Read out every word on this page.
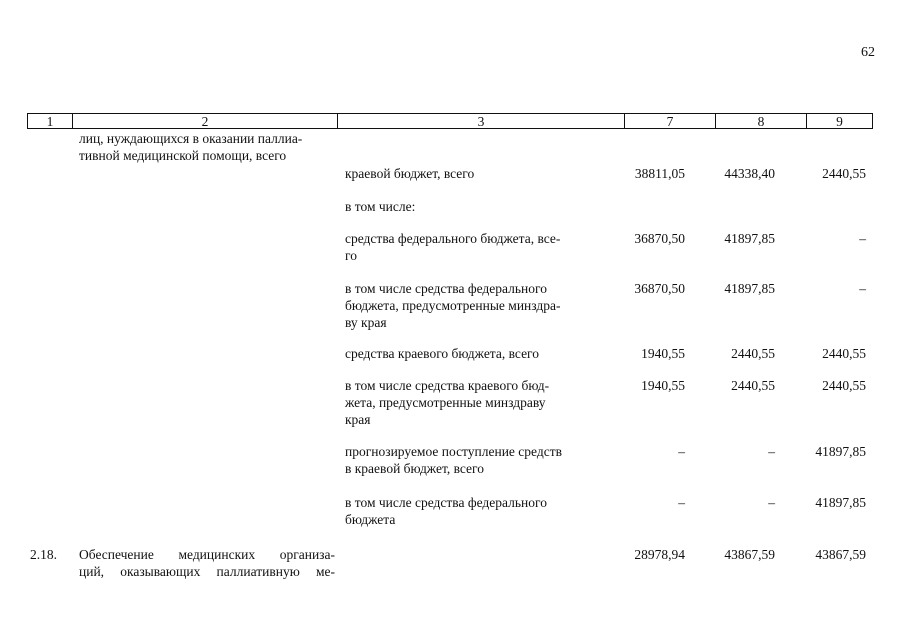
62
1	2	3	7	8	9
лиц, нуждающихся в оказании паллиа-
тивной медицинской помощи, всего
краевой бюджет, всего	38811,05	44338,40	2440,55
в том числе:
средства федерального бюджета, все-
го
36870,50	41897,85	–
в том числе средства федерального
бюджета, предусмотренные минздра-
ву края
36870,50	41897,85	–
средства краевого бюджета, всего	1940,55	2440,55	2440,55
в том числе средства краевого бюд-
жета, предусмотренные минздраву
края
1940,55	2440,55	2440,55
прогнозируемое поступление средств
в краевой бюджет, всего
–	–	41897,85
в том числе средства федерального
бюджета
–	–	41897,85
2.18.	Обеспечение медицинских организа-
ций, оказывающих паллиативную ме-
28978,94	43867,59	43867,59
